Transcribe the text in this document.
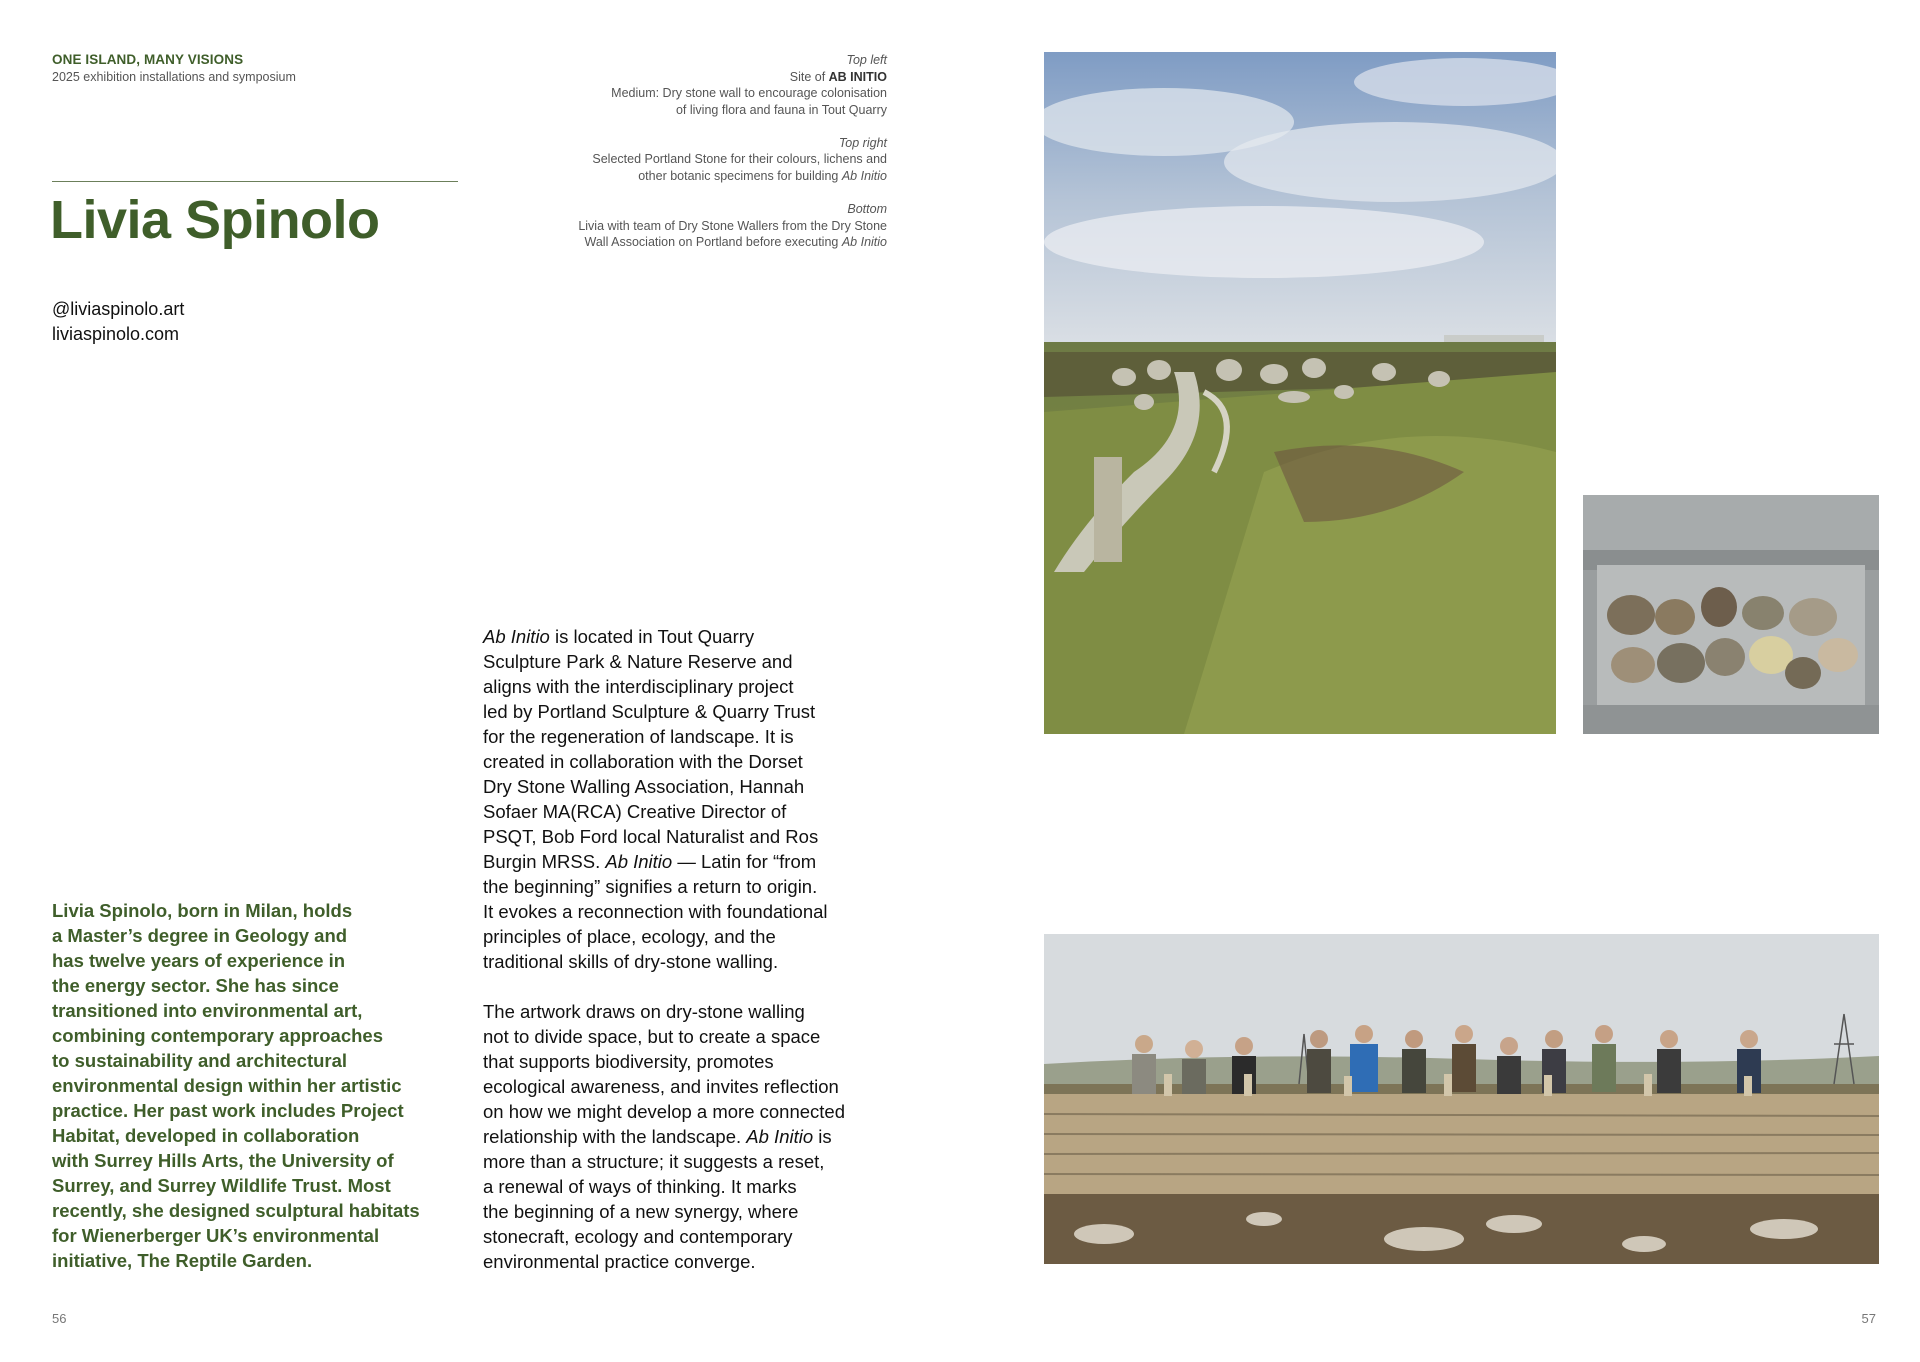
ONE ISLAND, MANY VISIONS
2025 exhibition installations and symposium
Livia Spinolo
@liviaspinolo.art
liviaspinolo.com
Top left
Site of AB INITIO
Medium: Dry stone wall to encourage colonisation
of living flora and fauna in Tout Quarry
Top right
Selected Portland Stone for their colours, lichens and
other botanic specimens for building Ab Initio
Bottom
Livia with team of Dry Stone Wallers from the Dry Stone
Wall Association on Portland before executing Ab Initio
Livia Spinolo, born in Milan, holds
a Master’s degree in Geology and
has twelve years of experience in
the energy sector. She has since
transitioned into environmental art,
combining contemporary approaches
to sustainability and architectural
environmental design within her artistic
practice. Her past work includes Project
Habitat, developed in collaboration
with Surrey Hills Arts, the University of
Surrey, and Surrey Wildlife Trust. Most
recently, she designed sculptural habitats
for Wienerberger UK’s environmental
initiative, The Reptile Garden.
Ab Initio is located in Tout Quarry
Sculpture Park & Nature Reserve and
aligns with the interdisciplinary project
led by Portland Sculpture & Quarry Trust
for the regeneration of landscape. It is
created in collaboration with the Dorset
Dry Stone Walling Association, Hannah
Sofaer MA(RCA) Creative Director of
PSQT, Bob Ford local Naturalist and Ros
Burgin MRSS. Ab Initio — Latin for “from
the beginning” signifies a return to origin.
It evokes a reconnection with foundational
principles of place, ecology, and the
traditional skills of dry-stone walling.
The artwork draws on dry-stone walling
not to divide space, but to create a space
that supports biodiversity, promotes
ecological awareness, and invites reflection
on how we might develop a more connected
relationship with the landscape. Ab Initio is
more than a structure; it suggests a reset,
a renewal of ways of thinking. It marks
the beginning of a new synergy, where
stonecraft, ecology and contemporary
environmental practice converge.
56	57
